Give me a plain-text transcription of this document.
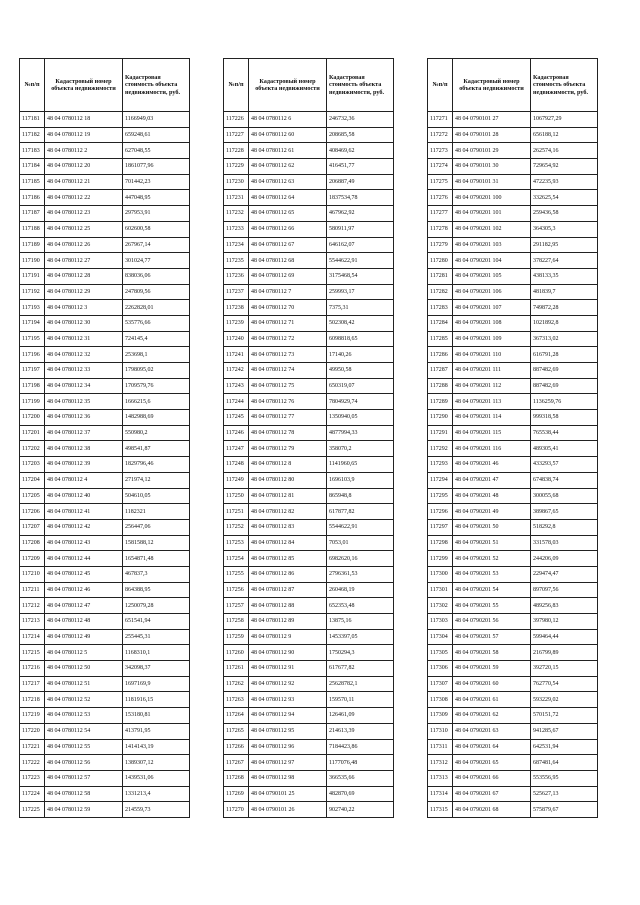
№п/п	Кадастровый номер объекта недвижимости	Кадастровая стоимость объекта недвижимости, руб.
117181	48 04 0780112 18	1166949,03
117182	48 04 0780112 19	659248,61
117183	48 04 0780112 2	627048,55
117184	48 04 0780112 20	1861077,96
117185	48 04 0780112 21	701442,23
117186	48 04 0780112 22	447048,95
117187	48 04 0780112 23	297953,91
117188	48 04 0780112 25	602600,58
117189	48 04 0780112 26	267967,14
117190	48 04 0780112 27	301024,77
117191	48 04 0780112 28	838036,06
117192	48 04 0780112 29	247809,56
117193	48 04 0780112 3	2262828,01
117194	48 04 0780112 30	535776,66
117195	48 04 0780112 31	724145,4
117196	48 04 0780112 32	253698,1
117197	48 04 0780112 33	1798095,02
117198	48 04 0780112 34	1709579,76
117199	48 04 0780112 35	1666215,6
117200	48 04 0780112 36	1482988,69
117201	48 04 0780112 37	550980,2
117202	48 04 0780112 38	498541,87
117203	48 04 0780112 39	1829796,46
117204	48 04 0780112 4	271974,12
117205	48 04 0780112 40	504610,05
117206	48 04 0780112 41	1182321
117207	48 04 0780112 42	256447,06
117208	48 04 0780112 43	1581588,12
117209	48 04 0780112 44	1654871,48
117210	48 04 0780112 45	467837,3
117211	48 04 0780112 46	864388,95
117212	48 04 0780112 47	1250079,28
117213	48 04 0780112 48	651541,94
117214	48 04 0780112 49	255445,31
117215	48 04 0780112 5	1168310,1
117216	48 04 0780112 50	342098,37
117217	48 04 0780112 51	1697169,9
117218	48 04 0780112 52	1181916,15
117219	48 04 0780112 53	153180,81
117220	48 04 0780112 54	413791,95
117221	48 04 0780112 55	1414143,19
117222	48 04 0780112 56	1389307,12
117223	48 04 0780112 57	1439531,06
117224	48 04 0780112 58	1331213,4
117225	48 04 0780112 59	214559,73
№п/п	Кадастровый номер объекта недвижимости	Кадастровая стоимость объекта недвижимости, руб.
117226	48 04 0780112 6	246732,36
117227	48 04 0780112 60	208685,58
117228	48 04 0780112 61	408469,62
117229	48 04 0780112 62	416451,77
117230	48 04 0780112 63	206887,49
117231	48 04 0780112 64	1837534,78
117232	48 04 0780112 65	467962,92
117233	48 04 0780112 66	580911,97
117234	48 04 0780112 67	646162,07
117235	48 04 0780112 68	5544622,91
117236	48 04 0780112 69	3175468,54
117237	48 04 0780112 7	259993,17
117238	48 04 0780112 70	7375,31
117239	48 04 0780112 71	502308,42
117240	48 04 0780112 72	6098818,65
117241	48 04 0780112 73	17140,26
117242	48 04 0780112 74	49950,58
117243	48 04 0780112 75	650319,07
117244	48 04 0780112 76	7804929,74
117245	48 04 0780112 77	1350940,05
117246	48 04 0780112 78	4877994,33
117247	48 04 0780112 79	358070,2
117248	48 04 0780112 8	1141960,65
117249	48 04 0780112 80	1696103,9
117250	48 04 0780112 81	865948,8
117251	48 04 0780112 82	617877,82
117252	48 04 0780112 83	5544622,91
117253	48 04 0780112 84	7053,01
117254	48 04 0780112 85	6982620,16
117255	48 04 0780112 86	2796361,53
117256	48 04 0780112 87	260468,19
117257	48 04 0780112 88	652353,48
117258	48 04 0780112 89	13875,16
117259	48 04 0780112 9	1453397,05
117260	48 04 0780112 90	1750294,3
117261	48 04 0780112 91	617677,82
117262	48 04 0780112 92	25628782,1
117263	48 04 0780112 93	159570,11
117264	48 04 0780112 94	126461,09
117265	48 04 0780112 95	214613,39
117266	48 04 0780112 96	7184423,86
117267	48 04 0780112 97	1177076,48
117268	48 04 0780112 98	366535,66
117269	48 04 0790101 25	482870,69
117270	48 04 0790101 26	902740,22
№п/п	Кадастровый номер объекта недвижимости	Кадастровая стоимость объекта недвижимости, руб.
117271	48 04 0790101 27	1067927,29
117272	48 04 0790101 28	656188,12
117273	48 04 0790101 29	262574,16
117274	48 04 0790101 30	729654,92
117275	48 04 0790101 31	472235,93
117276	48 04 0790201 100	332625,54
117277	48 04 0790201 101	259436,58
117278	48 04 0790201 102	364305,3
117279	48 04 0790201 103	291182,95
117280	48 04 0790201 104	378227,64
117281	48 04 0790201 105	438133,35
117282	48 04 0790201 106	481839,7
117283	48 04 0790201 107	749872,28
117284	48 04 0790201 108	1021892,8
117285	48 04 0790201 109	367313,02
117286	48 04 0790201 110	616791,28
117287	48 04 0790201 111	887482,69
117288	48 04 0790201 112	887482,69
117289	48 04 0790201 113	1136259,76
117290	48 04 0790201 114	999318,58
117291	48 04 0790201 115	765538,44
117292	48 04 0790201 116	489305,41
117293	48 04 0790201 46	433293,57
117294	48 04 0790201 47	674838,74
117295	48 04 0790201 48	300055,68
117296	48 04 0790201 49	389867,65
117297	48 04 0790201 50	518292,8
117298	48 04 0790201 51	331578,03
117299	48 04 0790201 52	244206,09
117300	48 04 0790201 53	229474,47
117301	48 04 0790201 54	897097,56
117302	48 04 0790201 55	489256,83
117303	48 04 0790201 56	397980,12
117304	48 04 0790201 57	599464,44
117305	48 04 0790201 58	216799,89
117306	48 04 0790201 59	392720,15
117307	48 04 0790201 60	762770,54
117308	48 04 0790201 61	593229,02
117309	48 04 0790201 62	570151,72
117310	48 04 0790201 63	941285,67
117311	48 04 0790201 64	642531,94
117312	48 04 0790201 65	687481,64
117313	48 04 0790201 66	553556,95
117314	48 04 0790201 67	525627,13
117315	48 04 0790201 68	575879,67
